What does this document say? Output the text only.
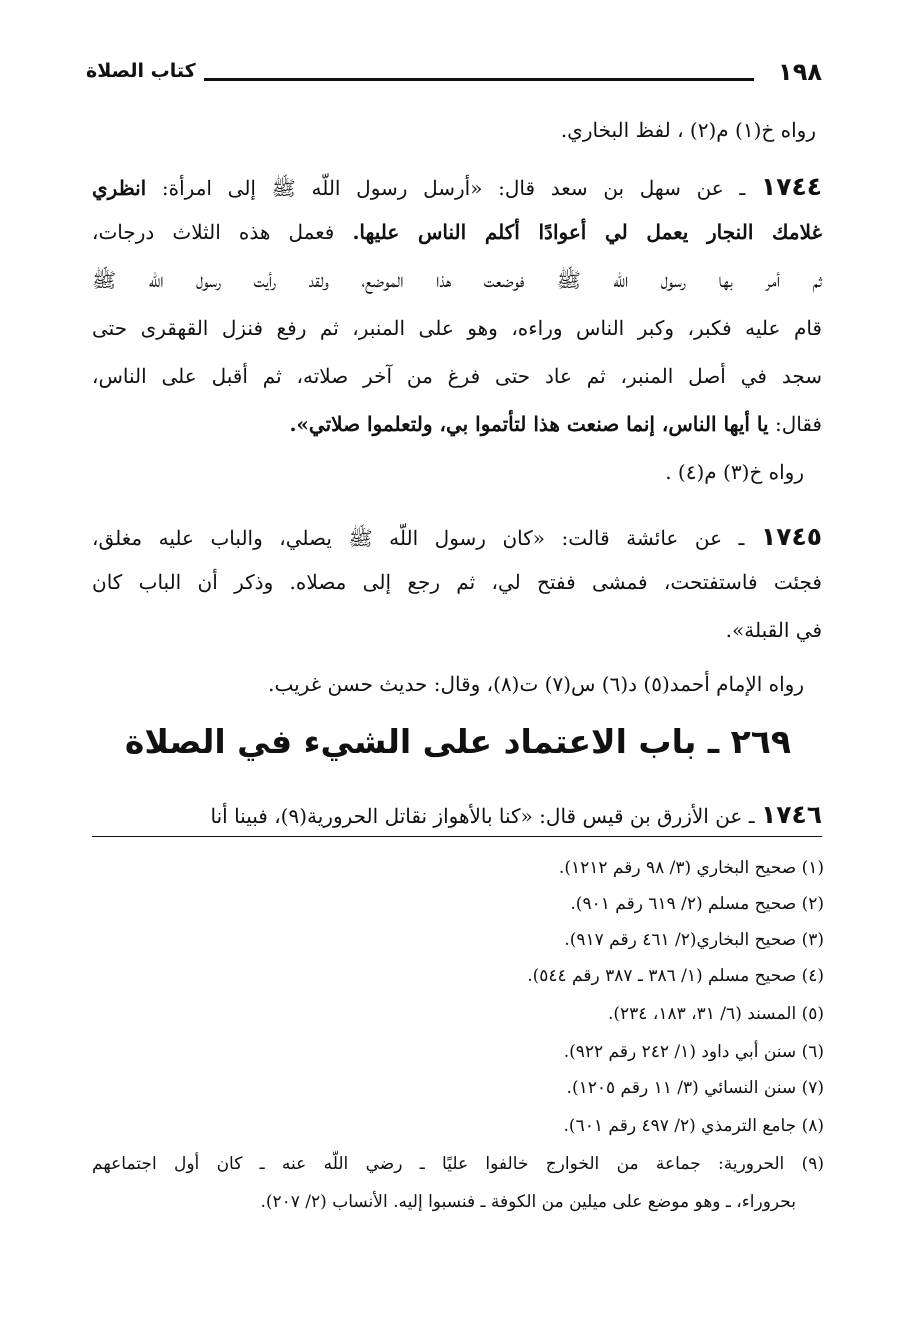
١٩٨
كتاب الصلاة
رواه خ(١) م(٢) ، لفظ البخاري.
١٧٤٤ ـ عن سهل بن سعد قال: «أرسل رسول اللّه ﷺ إلى امرأة: انظري
غلامك النجار يعمل لي أعوادًا أكلم الناس عليها. فعمل هذه الثلاث درجات،
ثم أمر بها رسول اللّه ﷺ فوضعت هذا الموضع، ولقد رأيت رسول اللّه ﷺ
قام عليه فكبر، وكبر الناس وراءه، وهو على المنبر، ثم رفع فنزل القهقرى حتى
سجد في أصل المنبر، ثم عاد حتى فرغ من آخر صلاته، ثم أقبل على الناس،
فقال: يا أيها الناس، إنما صنعت هذا لتأتموا بي، ولتعلموا صلاتي».
رواه خ(٣) م(٤) .
١٧٤٥ ـ عن عائشة قالت: «كان رسول اللّه ﷺ يصلي، والباب عليه مغلق،
فجئت فاستفتحت، فمشى ففتح لي، ثم رجع إلى مصلاه. وذكر أن الباب كان
في القبلة».
رواه الإمام أحمد(٥) د(٦) س(٧) ت(٨)، وقال: حديث حسن غريب.
٢٦٩ ـ باب الاعتماد على الشيء في الصلاة
١٧٤٦ ـ عن الأزرق بن قيس قال: «كنا بالأهواز نقاتل الحرورية(٩)، فبينا أنا
(١) صحيح البخاري (٣/ ٩٨ رقم ١٢١٢).
(٢) صحيح مسلم (٢/ ٦١٩ رقم ٩٠١).
(٣) صحيح البخاري(٢/ ٤٦١ رقم ٩١٧).
(٤) صحيح مسلم (١/ ٣٨٦ ـ ٣٨٧ رقم ٥٤٤).
(٥) المسند (٦/ ٣١، ١٨٣، ٢٣٤).
(٦) سنن أبي داود (١/ ٢٤٢ رقم ٩٢٢).
(٧) سنن النسائي (٣/ ١١ رقم ١٢٠٥).
(٨) جامع الترمذي (٢/ ٤٩٧ رقم ٦٠١).
(٩) الحرورية: جماعة من الخوارج خالفوا عليًا ـ رضي اللّه عنه ـ كان أول اجتماعهم
بحروراء، ـ وهو موضع على ميلين من الكوفة ـ فنسبوا إليه. الأنساب (٢/ ٢٠٧).
